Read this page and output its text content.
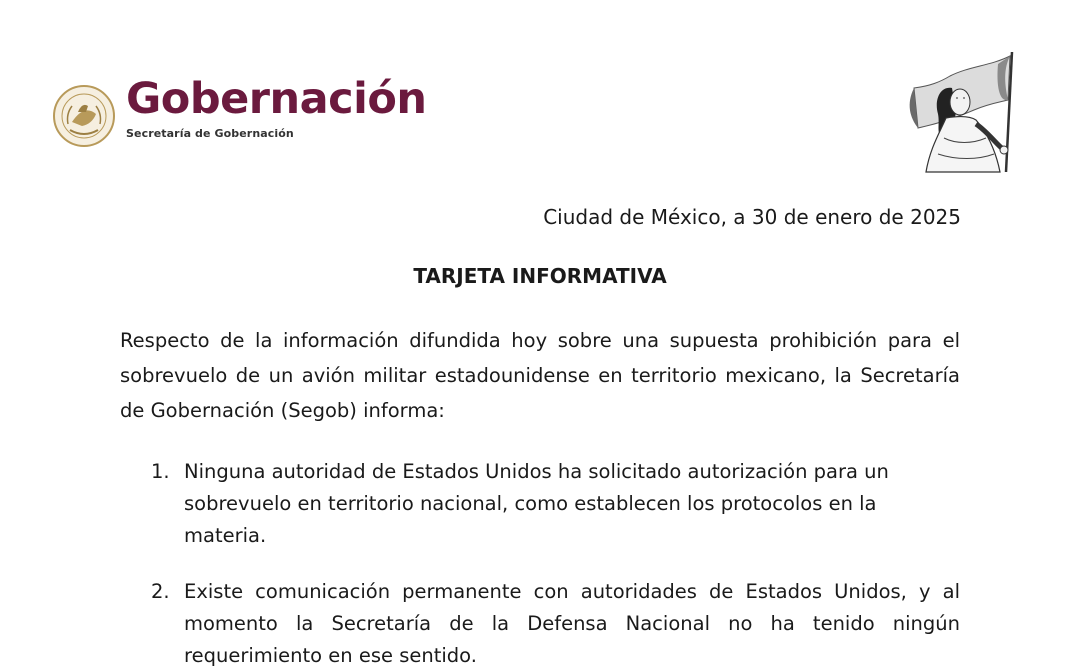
Gobernación
Secretaría de Gobernación
Ciudad de México, a 30 de enero de 2025
TARJETA INFORMATIVA

Respecto de la información difundida hoy sobre una supuesta prohibición para el sobrevuelo de un avión militar estadounidense en territorio mexicano, la Secretaría de Gobernación (Segob) informa:

1. Ninguna autoridad de Estados Unidos ha solicitado autorización para un sobrevuelo en territorio nacional, como establecen los protocolos en la materia.
2. Existe comunicación permanente con autoridades de Estados Unidos, y al momento la Secretaría de la Defensa Nacional no ha tenido ningún requerimiento en ese sentido.
